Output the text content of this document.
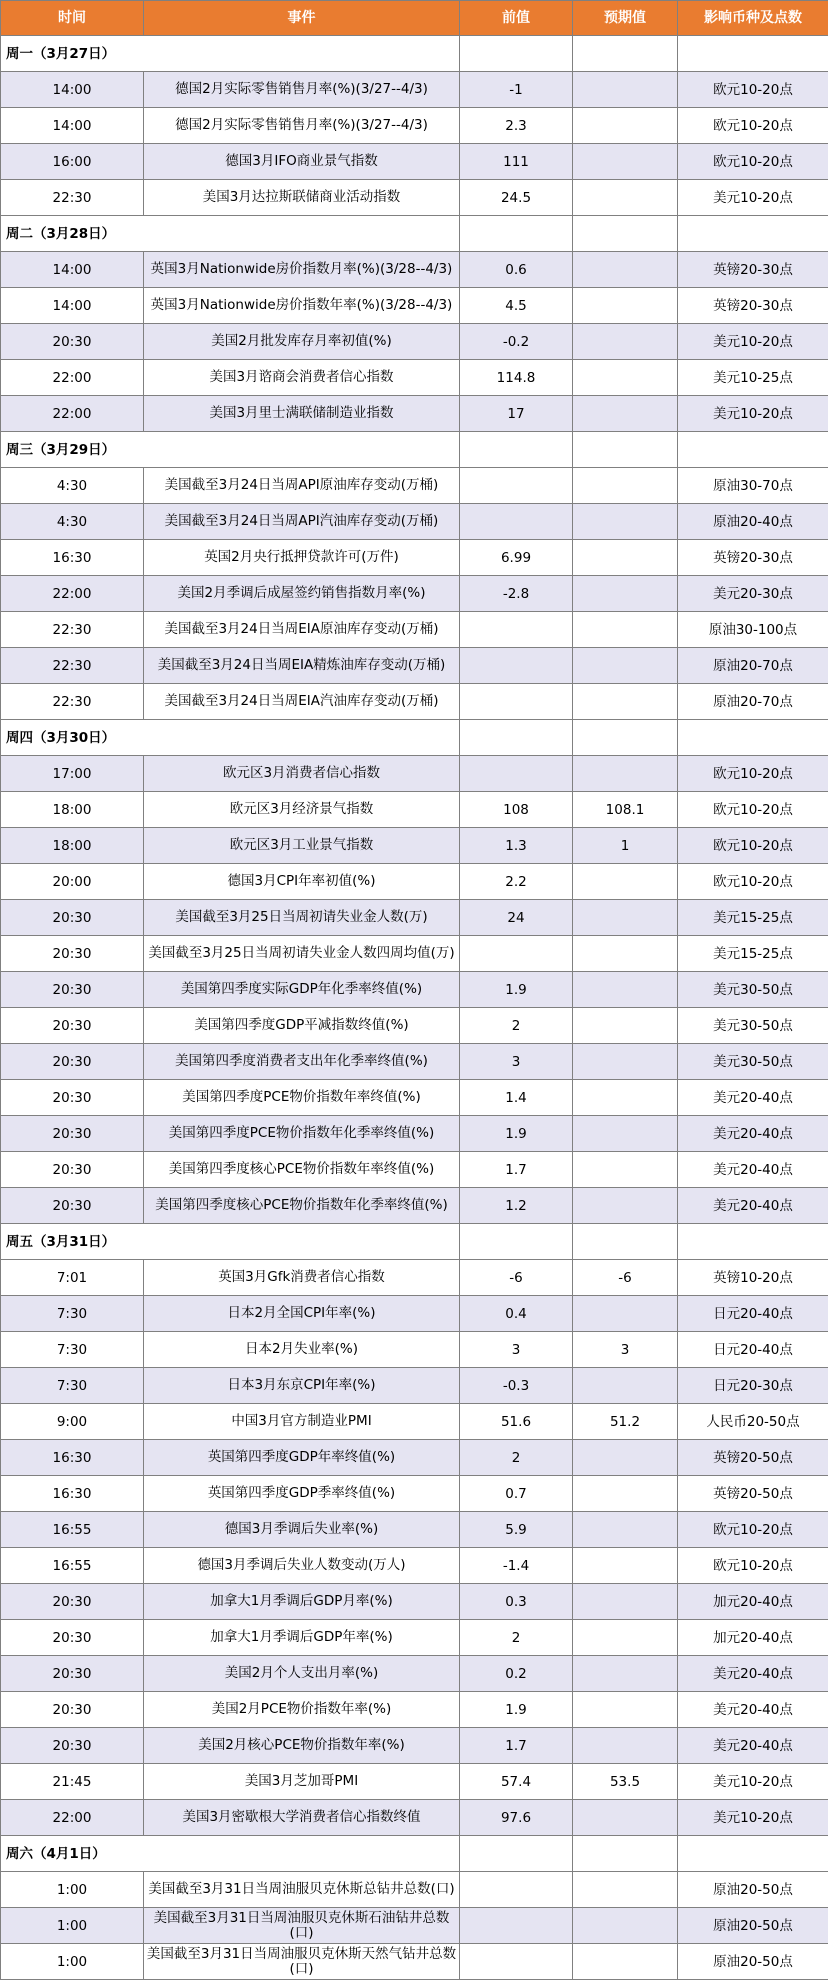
时间	事件	前值	预期值	影响币种及点数
周一（3月27日）				
14:00	德国2月实际零售销售月率(%)(3/27--4/3)	-1		欧元10-20点
14:00	德国2月实际零售销售月率(%)(3/27--4/3)	2.3		欧元10-20点
16:00	德国3月IFO商业景气指数	111		欧元10-20点
22:30	美国3月达拉斯联储商业活动指数	24.5		美元10-20点
周二（3月28日）				
14:00	英国3月Nationwide房价指数月率(%)(3/28--4/3)	0.6		英镑20-30点
14:00	英国3月Nationwide房价指数年率(%)(3/28--4/3)	4.5		英镑20-30点
20:30	美国2月批发库存月率初值(%)	-0.2		美元10-20点
22:00	美国3月谘商会消费者信心指数	114.8		美元10-25点
22:00	美国3月里士满联储制造业指数	17		美元10-20点
周三（3月29日）				
4:30	美国截至3月24日当周API原油库存变动(万桶)			原油30-70点
4:30	美国截至3月24日当周API汽油库存变动(万桶)			原油20-40点
16:30	英国2月央行抵押贷款许可(万件)	6.99		英镑20-30点
22:00	美国2月季调后成屋签约销售指数月率(%)	-2.8		美元20-30点
22:30	美国截至3月24日当周EIA原油库存变动(万桶)			原油30-100点
22:30	美国截至3月24日当周EIA精炼油库存变动(万桶)			原油20-70点
22:30	美国截至3月24日当周EIA汽油库存变动(万桶)			原油20-70点
周四（3月30日）				
17:00	欧元区3月消费者信心指数			欧元10-20点
18:00	欧元区3月经济景气指数	108	108.1	欧元10-20点
18:00	欧元区3月工业景气指数	1.3	1	欧元10-20点
20:00	德国3月CPI年率初值(%)	2.2		欧元10-20点
20:30	美国截至3月25日当周初请失业金人数(万)	24		美元15-25点
20:30	美国截至3月25日当周初请失业金人数四周均值(万)			美元15-25点
20:30	美国第四季度实际GDP年化季率终值(%)	1.9		美元30-50点
20:30	美国第四季度GDP平减指数终值(%)	2		美元30-50点
20:30	美国第四季度消费者支出年化季率终值(%)	3		美元30-50点
20:30	美国第四季度PCE物价指数年率终值(%)	1.4		美元20-40点
20:30	美国第四季度PCE物价指数年化季率终值(%)	1.9		美元20-40点
20:30	美国第四季度核心PCE物价指数年率终值(%)	1.7		美元20-40点
20:30	美国第四季度核心PCE物价指数年化季率终值(%)	1.2		美元20-40点
周五（3月31日）				
7:01	英国3月Gfk消费者信心指数	-6	-6	英镑10-20点
7:30	日本2月全国CPI年率(%)	0.4		日元20-40点
7:30	日本2月失业率(%)	3	3	日元20-40点
7:30	日本3月东京CPI年率(%)	-0.3		日元20-30点
9:00	中国3月官方制造业PMI	51.6	51.2	人民币20-50点
16:30	英国第四季度GDP年率终值(%)	2		英镑20-50点
16:30	英国第四季度GDP季率终值(%)	0.7		英镑20-50点
16:55	德国3月季调后失业率(%)	5.9		欧元10-20点
16:55	德国3月季调后失业人数变动(万人)	-1.4		欧元10-20点
20:30	加拿大1月季调后GDP月率(%)	0.3		加元20-40点
20:30	加拿大1月季调后GDP年率(%)	2		加元20-40点
20:30	美国2月个人支出月率(%)	0.2		美元20-40点
20:30	美国2月PCE物价指数年率(%)	1.9		美元20-40点
20:30	美国2月核心PCE物价指数年率(%)	1.7		美元20-40点
21:45	美国3月芝加哥PMI	57.4	53.5	美元10-20点
22:00	美国3月密歇根大学消费者信心指数终值	97.6		美元10-20点
周六（4月1日）				
1:00	美国截至3月31日当周油服贝克休斯总钻井总数(口)			原油20-50点
1:00	美国截至3月31日当周油服贝克休斯石油钻井总数(口)			原油20-50点
1:00	美国截至3月31日当周油服贝克休斯天然气钻井总数(口)			原油20-50点
